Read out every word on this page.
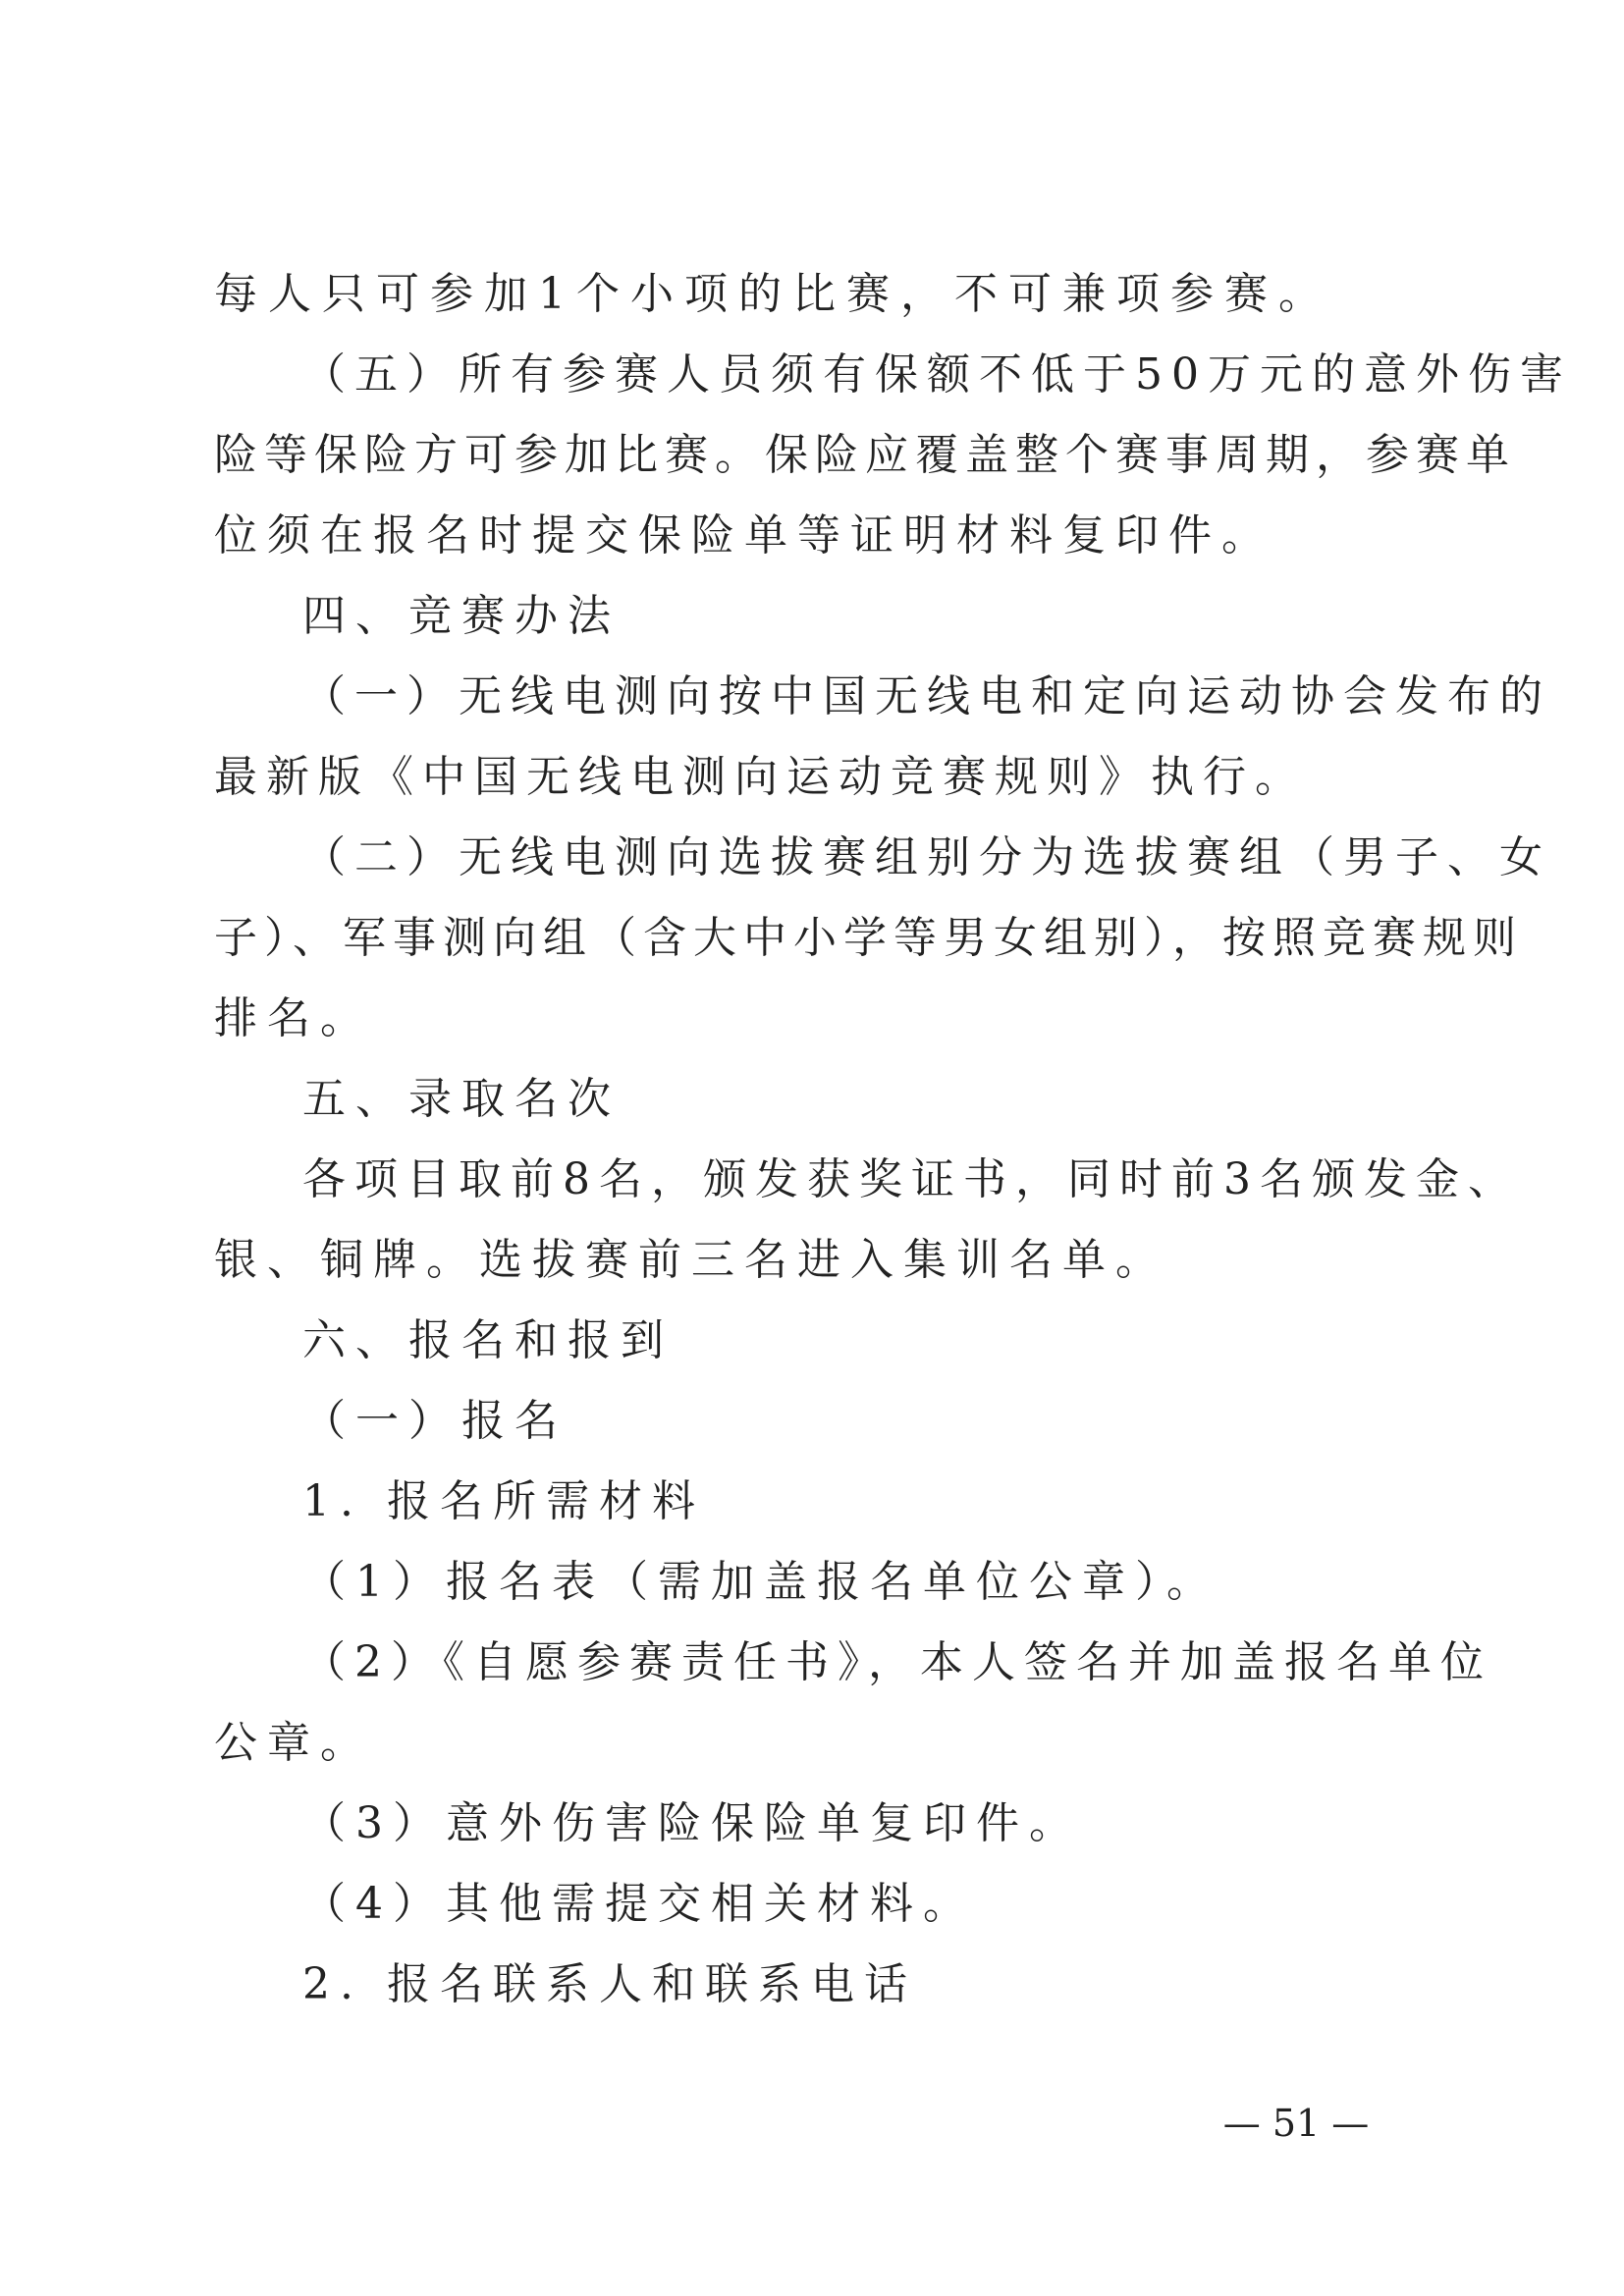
每人只可参加1个小项的比赛，不可兼项参赛。
（五）所有参赛人员须有保额不低于50万元的意外伤害
险等保险方可参加比赛。保险应覆盖整个赛事周期，参赛单
位须在报名时提交保险单等证明材料复印件。
四、竞赛办法
（一）无线电测向按中国无线电和定向运动协会发布的
最新版《中国无线电测向运动竞赛规则》执行。
（二）无线电测向选拔赛组别分为选拔赛组（男子、女
子）、军事测向组（含大中小学等男女组别），按照竞赛规则
排名。
五、录取名次
各项目取前8名，颁发获奖证书，同时前3名颁发金、
银、铜牌。选拔赛前三名进入集训名单。
六、报名和报到
（一）报名
1. 报名所需材料
（1）报名表（需加盖报名单位公章）。
（2）《自愿参赛责任书》，本人签名并加盖报名单位
公章。
（3）意外伤害险保险单复印件。
（4）其他需提交相关材料。
2. 报名联系人和联系电话
— 51 —
